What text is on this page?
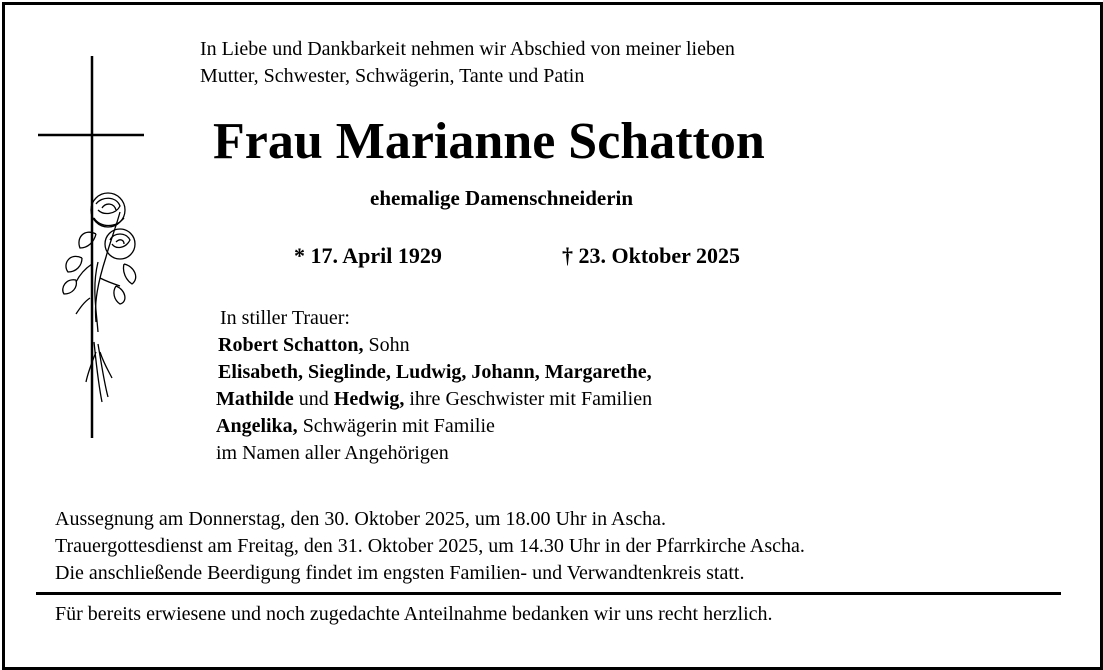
In Liebe und Dankbarkeit nehmen wir Abschied von meiner lieben
Mutter, Schwester, Schwägerin, Tante und Patin
Frau Marianne Schatton
ehemalige Damenschneiderin
* 17. April 1929	† 23. Oktober 2025
In stiller Trauer:
Robert Schatton, Sohn
Elisabeth, Sieglinde, Ludwig, Johann, Margarethe,
Mathilde und Hedwig, ihre Geschwister mit Familien
Angelika, Schwägerin mit Familie
im Namen aller Angehörigen
Aussegnung am Donnerstag, den 30. Oktober 2025, um 18.00 Uhr in Ascha.
Trauergottesdienst am Freitag, den 31. Oktober 2025, um 14.30 Uhr in der Pfarrkirche Ascha.
Die anschließende Beerdigung findet im engsten Familien- und Verwandtenkreis statt.
Für bereits erwiesene und noch zugedachte Anteilnahme bedanken wir uns recht herzlich.
